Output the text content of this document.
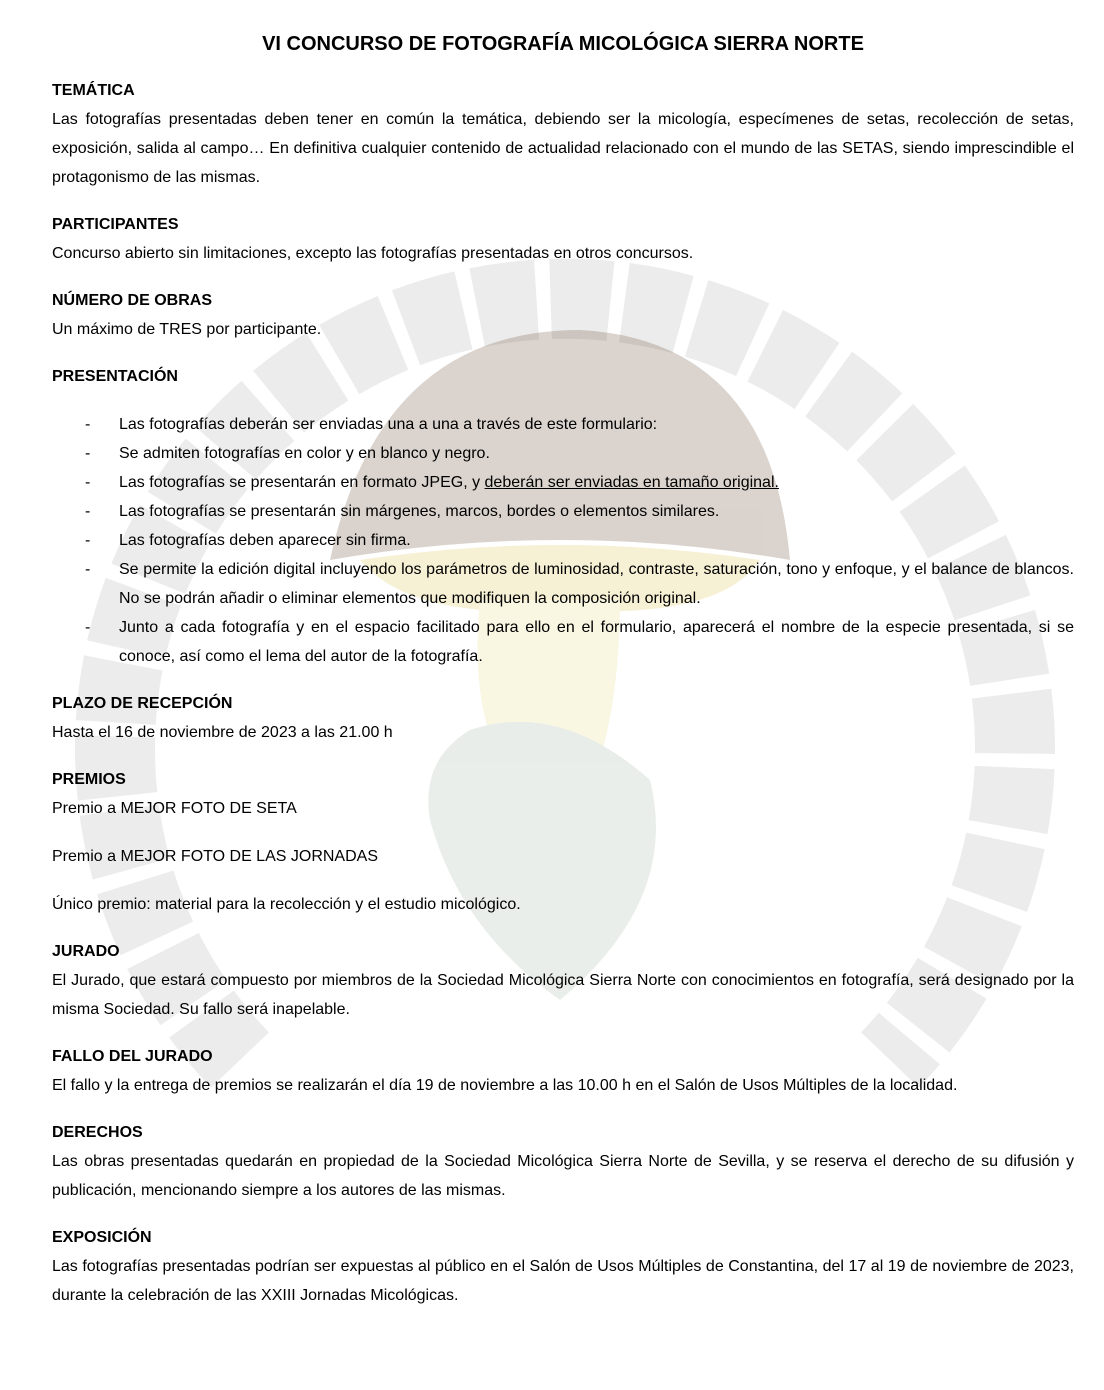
VI CONCURSO DE FOTOGRAFÍA MICOLÓGICA SIERRA NORTE
TEMÁTICA

Las fotografías presentadas deben tener en común la temática, debiendo ser la micología, especímenes de setas, recolección de setas, exposición, salida al campo… En definitiva cualquier contenido de actualidad relacionado con el mundo de las SETAS, siendo imprescindible el protagonismo de las mismas.

PARTICIPANTES

Concurso abierto sin limitaciones, excepto las fotografías presentadas en otros concursos.

NÚMERO DE OBRAS

Un máximo de TRES por participante.

PRESENTACIÓN
- Las fotografías deberán ser enviadas una a una a través de este formulario:
- Se admiten fotografías en color y en blanco y negro.
- Las fotografías se presentarán en formato JPEG, y deberán ser enviadas en tamaño original.
- Las fotografías se presentarán sin márgenes, marcos, bordes o elementos similares.
- Las fotografías deben aparecer sin firma.
- Se permite la edición digital incluyendo los parámetros de luminosidad, contraste, saturación, tono y enfoque, y el balance de blancos. No se podrán añadir o eliminar elementos que modifiquen la composición original.
- Junto a cada fotografía y en el espacio facilitado para ello en el formulario, aparecerá el nombre de la especie presentada, si se conoce, así como el lema del autor de la fotografía.
PLAZO DE RECEPCIÓN

Hasta el 16 de noviembre de 2023 a las 21.00 h

PREMIOS

Premio a MEJOR FOTO DE SETA

Premio a MEJOR FOTO DE LAS JORNADAS

Único premio: material para la recolección y el estudio micológico.

JURADO

El Jurado, que estará compuesto por miembros de la Sociedad Micológica Sierra Norte con conocimientos en fotografía, será designado por la misma Sociedad. Su fallo será inapelable.

FALLO DEL JURADO

El fallo y la entrega de premios se realizarán el día 19 de noviembre a las 10.00 h en el Salón de Usos Múltiples de la localidad.

DERECHOS

Las obras presentadas quedarán en propiedad de la Sociedad Micológica Sierra Norte de Sevilla, y se reserva el derecho de su difusión y publicación, mencionando siempre a los autores de las mismas.

EXPOSICIÓN

Las fotografías presentadas podrían ser expuestas al público en el Salón de Usos Múltiples de Constantina, del 17 al 19 de noviembre de 2023, durante la celebración de las XXIII Jornadas Micológicas.
